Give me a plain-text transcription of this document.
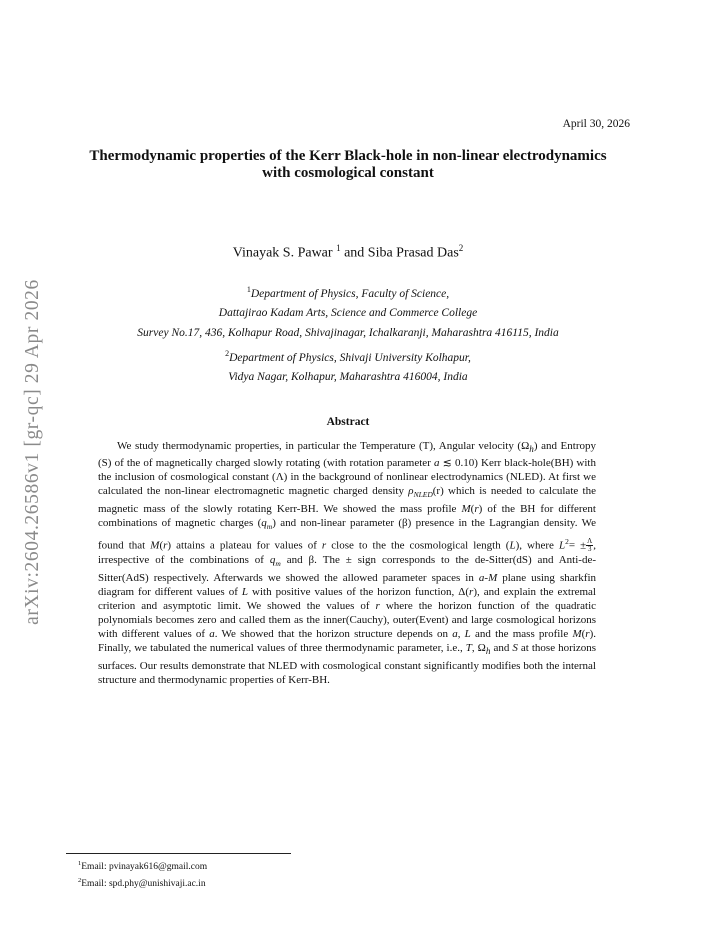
arXiv:2604.26586v1 [gr-qc] 29 Apr 2026
April 30, 2026
Thermodynamic properties of the Kerr Black-hole in non-linear electrodynamics with cosmological constant
Vinayak S. Pawar $^1$ and Siba Prasad Das$^2$
$^1$Department of Physics, Faculty of Science,
Dattajirao Kadam Arts, Science and Commerce College
Survey No.17, 436, Kolhapur Road, Shivajinagar, Ichalkaranji, Maharashtra 416115, India
$^2$Department of Physics, Shivaji University Kolhapur,
Vidya Nagar, Kolhapur, Maharashtra 416004, India
Abstract
We study thermodynamic properties, in particular the Temperature (T), Angular velocity $(\Omega_h)$ and Entropy (S) of the of magnetically charged slowly rotating (with rotation parameter a ≲ 0.10) Kerr black-hole(BH) with the inclusion of cosmological constant (Λ) in the background of nonlinear electrodynamics (NLED). At first we calculated the non-linear electromagnetic magnetic charged density $\rho_{NLED}(r)$ which is needed to calculate the magnetic mass of the slowly rotating Kerr-BH. We showed the mass profile M(r) of the BH for different combinations of magnetic charges $(q_m)$ and non-linear parameter (β) presence in the Lagrangian density. We found that M(r) attains a plateau for values of r close to the the cosmological length (L), where $L^2= \pm \frac{\Lambda}{3}$ , irrespective of the combinations of $q_m$ and β. The ± sign corresponds to the de-Sitter(dS) and Anti-de-Sitter(AdS) respectively. Afterwards we showed the allowed parameter spaces in a-M plane using sharkfin diagram for different values of L with positive values of the horizon function, Δ(r), and explain the extremal criterion and asymptotic limit. We showed the values of r where the horizon function of the quadratic polynomials becomes zero and called them as the inner(Cauchy), outer(Event) and large cosmological horizons with different values of a. We showed that the horizon structure depends on a, L and the mass profile M(r). Finally, we tabulated the numerical values of three thermodynamic parameter, i.e., T, $\Omega_h$ and S at those horizons surfaces. Our results demonstrate that NLED with cosmological constant significantly modifies both the internal structure and thermodynamic properties of Kerr-BH.
$^1$Email: pvinayak616@gmail.com
$^2$Email: spd.phy@unishivaji.ac.in
